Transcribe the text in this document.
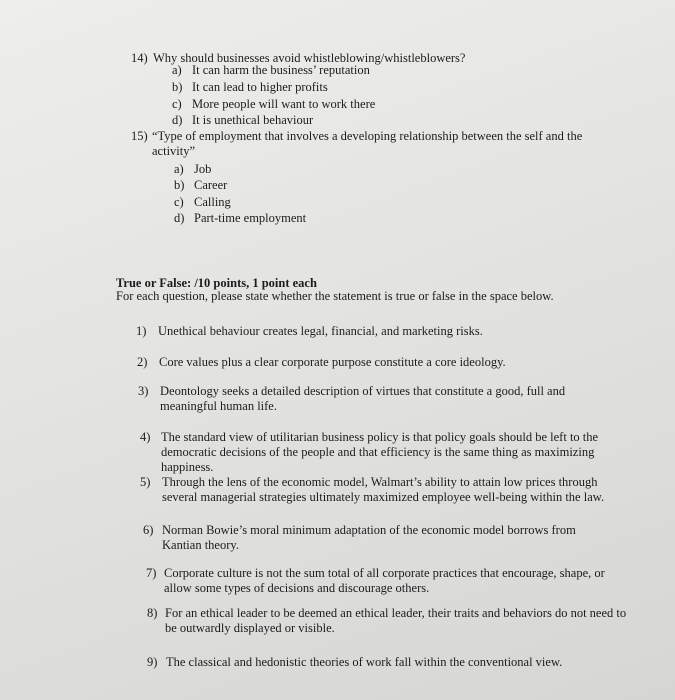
14) Why should businesses avoid whistleblowing/whistleblowers?
a) It can harm the business’ reputation
b) It can lead to higher profits
c) More people will want to work there
d) It is unethical behaviour
15) “Type of employment that involves a developing relationship between the self and the activity”
a) Job
b) Career
c) Calling
d) Part-time employment
True or False: /10 points, 1 point each
For each question, please state whether the statement is true or false in the space below.
1) Unethical behaviour creates legal, financial, and marketing risks.
2) Core values plus a clear corporate purpose constitute a core ideology.
3) Deontology seeks a detailed description of virtues that constitute a good, full and meaningful human life.
4) The standard view of utilitarian business policy is that policy goals should be left to the democratic decisions of the people and that efficiency is the same thing as maximizing happiness.
5) Through the lens of the economic model, Walmart’s ability to attain low prices through several managerial strategies ultimately maximized employee well-being within the law.
6) Norman Bowie’s moral minimum adaptation of the economic model borrows from Kantian theory.
7) Corporate culture is not the sum total of all corporate practices that encourage, shape, or allow some types of decisions and discourage others.
8) For an ethical leader to be deemed an ethical leader, their traits and behaviors do not need to be outwardly displayed or visible.
9) The classical and hedonistic theories of work fall within the conventional view.
